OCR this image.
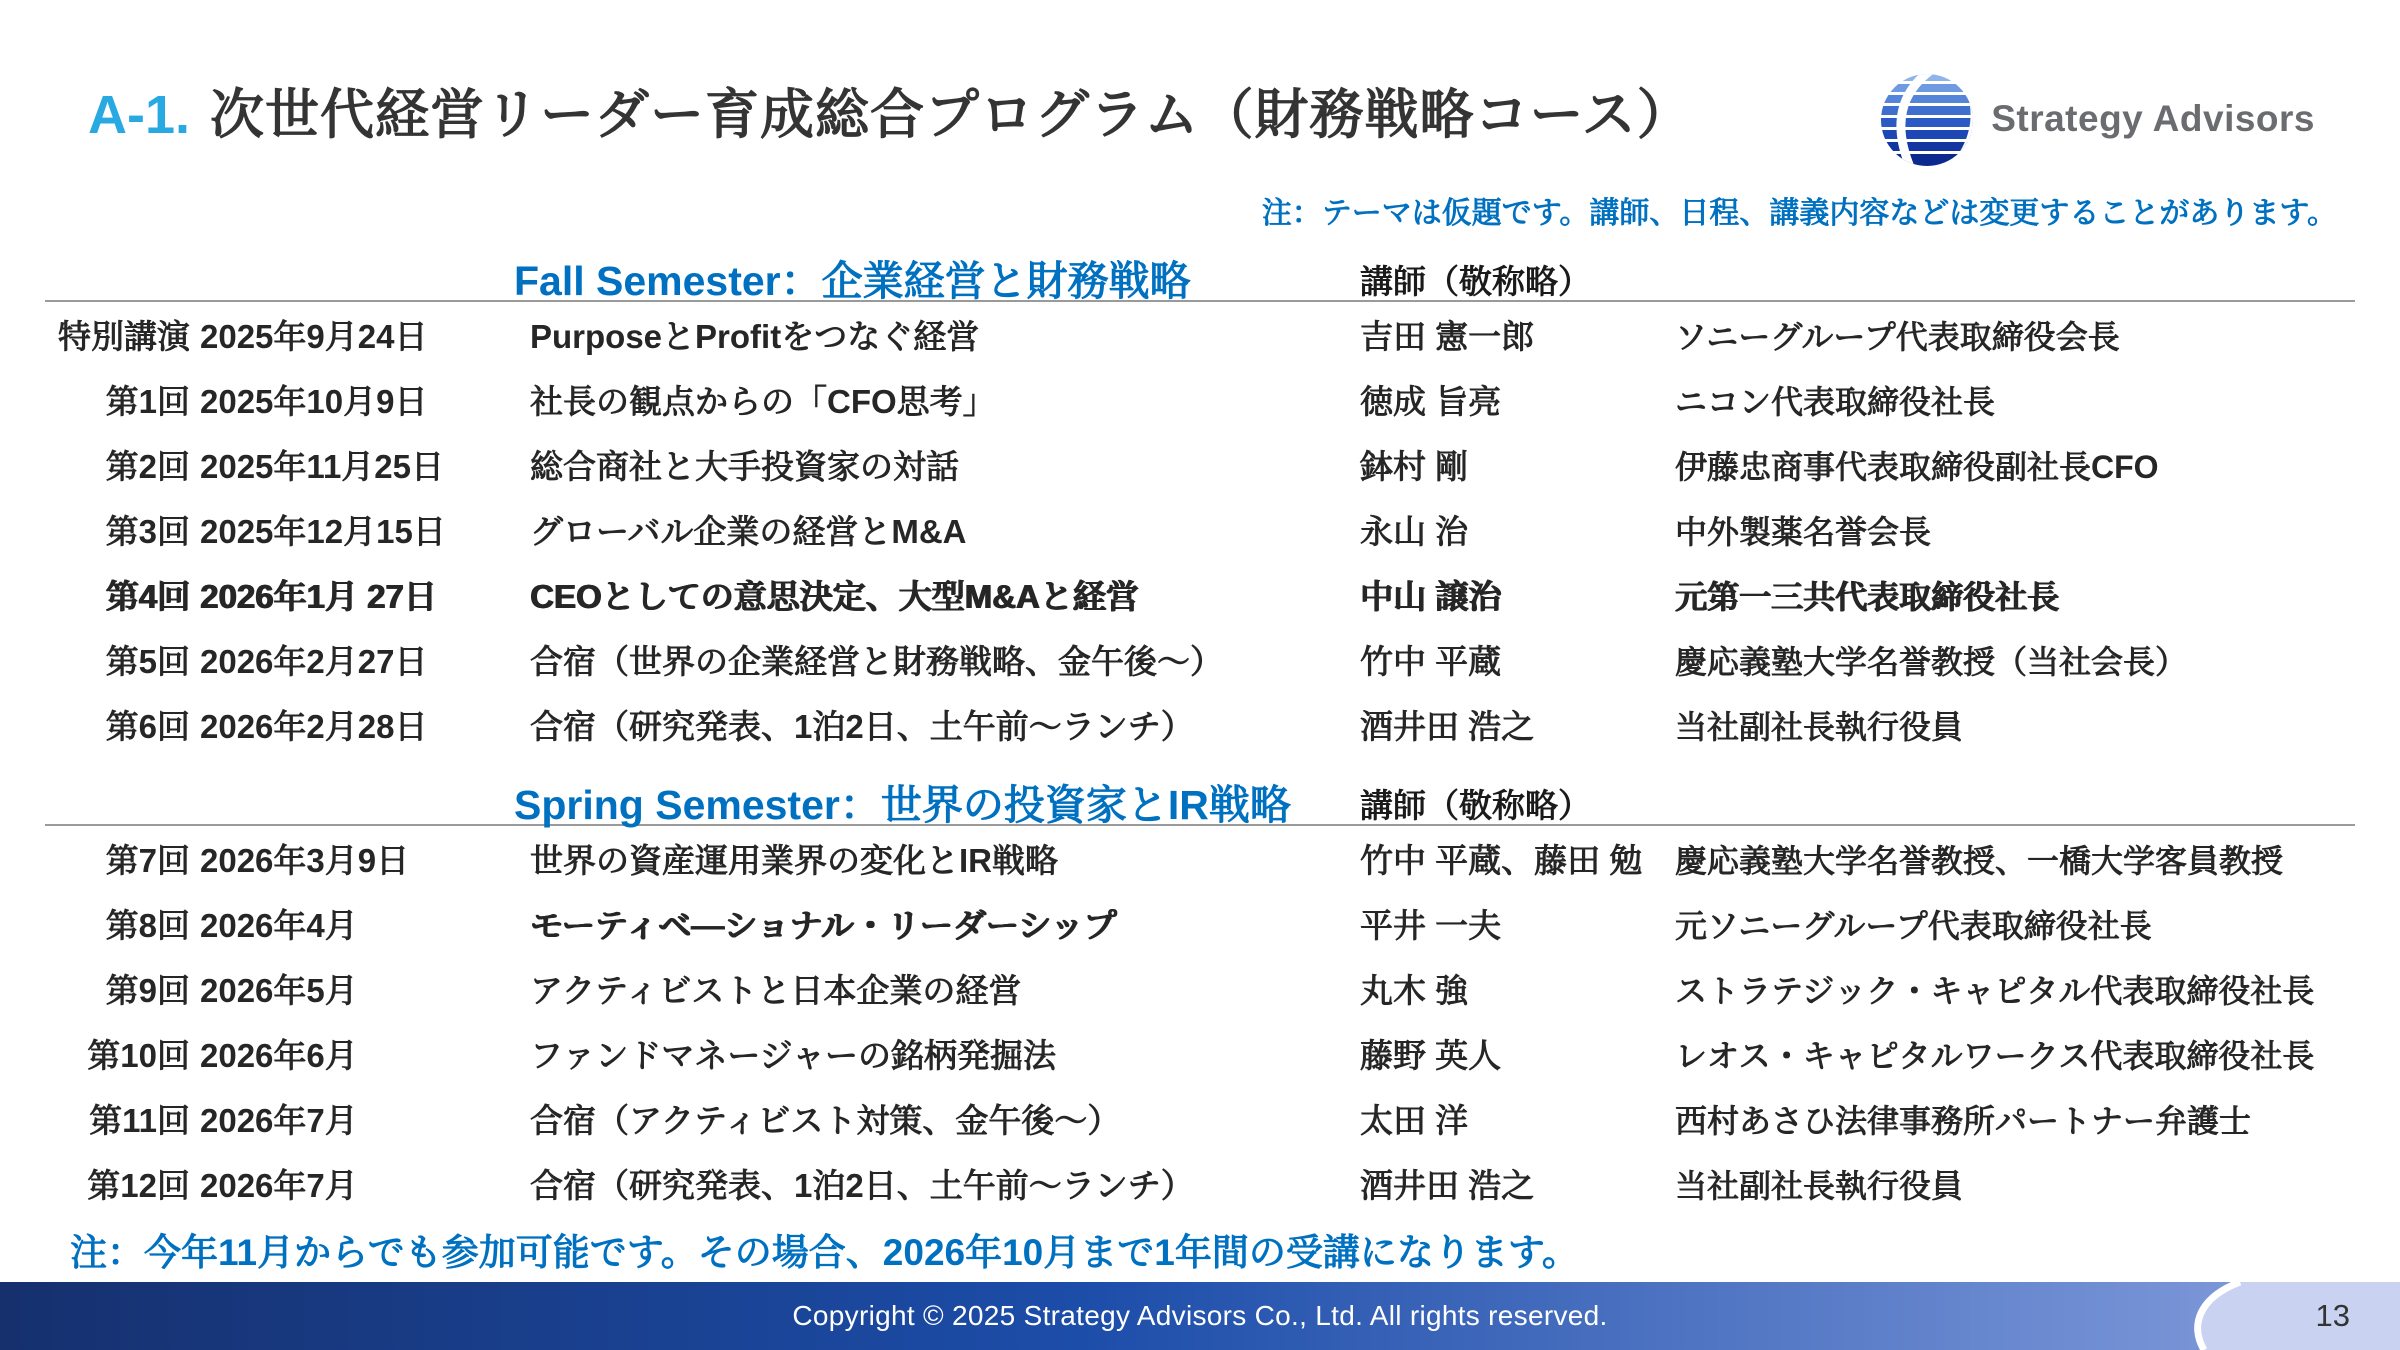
A-1. 次世代経営リーダー育成総合プログラム（財務戦略コース）	Strategy Advisors
注：テーマは仮題です。講師、日程、講義内容などは変更することがあります。
Fall Semester：企業経営と財務戦略	講師（敬称略）
特別講演 2025年9月24日	PurposeとProfitをつなぐ経営	吉田 憲一郎	ソニーグループ代表取締役会長
第1回 2025年10月9日	社長の観点からの「CFO思考」	徳成 旨亮	ニコン代表取締役社長
第2回 2025年11月25日	総合商社と大手投資家の対話	鉢村 剛	伊藤忠商事代表取締役副社長CFO
第3回 2025年12月15日	グローバル企業の経営とM&A	永山 治	中外製薬名誉会長
第4回 2026年1月 27日	CEOとしての意思決定、大型M&Aと経営	中山 譲治	元第一三共代表取締役社長
第5回 2026年2月27日	合宿（世界の企業経営と財務戦略、金午後～）	竹中 平蔵	慶応義塾大学名誉教授（当社会長）
第6回 2026年2月28日	合宿（研究発表、1泊2日、土午前～ランチ）	酒井田 浩之	当社副社長執行役員
Spring Semester：世界の投資家とIR戦略	講師（敬称略）
第7回 2026年3月9日	世界の資産運用業界の変化とIR戦略	竹中 平蔵、藤田 勉	慶応義塾大学名誉教授、一橋大学客員教授
第8回 2026年4月	モーティベ―ショナル・リーダーシップ	平井 一夫	元ソニーグループ代表取締役社長
第9回 2026年5月	アクティビストと日本企業の経営	丸木 強	ストラテジック・キャピタル代表取締役社長
第10回 2026年6月	ファンドマネージャーの銘柄発掘法	藤野 英人	レオス・キャピタルワークス代表取締役社長
第11回 2026年7月	合宿（アクティビスト対策、金午後～）	太田 洋	西村あさひ法律事務所パートナー弁護士
第12回 2026年7月	合宿（研究発表、1泊2日、土午前～ランチ）	酒井田 浩之	当社副社長執行役員
注：今年11月からでも参加可能です。その場合、2026年10月まで1年間の受講になります。
Copyright © 2025 Strategy Advisors Co., Ltd. All rights reserved.	13
